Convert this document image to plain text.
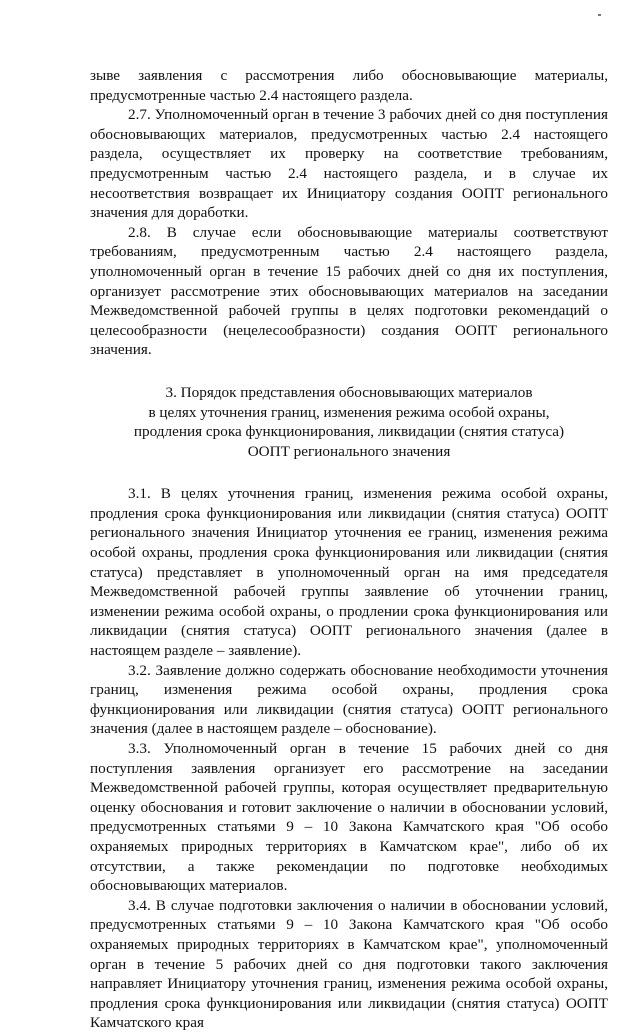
зыве заявления с рассмотрения либо обосновывающие материалы, предусмотренные частью 2.4 настоящего раздела.

2.7. Уполномоченный орган в течение 3 рабочих дней со дня поступления обосновывающих материалов, предусмотренных частью 2.4 настоящего раздела, осуществляет их проверку на соответствие требованиям, предусмотренным частью 2.4 настоящего раздела, и в случае их несоответствия возвращает их Инициатору создания ООПТ регионального значения для доработки.

2.8. В случае если обосновывающие материалы соответствуют требованиям, предусмотренным частью 2.4 настоящего раздела, уполномоченный орган в течение 15 рабочих дней со дня их поступления, организует рассмотрение этих обосновывающих материалов на заседании Межведомственной рабочей группы в целях подготовки рекомендаций о целесообразности (нецелесообразности) создания ООПТ регионального значения.

3. Порядок представления обосновывающих материалов
в целях уточнения границ, изменения режима особой охраны,
продления срока функционирования, ликвидации (снятия статуса)
ООПТ регионального значения

3.1. В целях уточнения границ, изменения режима особой охраны, продления срока функционирования или ликвидации (снятия статуса) ООПТ регионального значения Инициатор уточнения ее границ, изменения режима особой охраны, продления срока функционирования или ликвидации (снятия статуса) представляет в уполномоченный орган на имя председателя Межведомственной рабочей группы заявление об уточнении границ, изменении режима особой охраны, о продлении срока функционирования или ликвидации (снятия статуса) ООПТ регионального значения (далее в настоящем разделе – заявление).

3.2. Заявление должно содержать обоснование необходимости уточнения границ, изменения режима особой охраны, продления срока функционирования или ликвидации (снятия статуса) ООПТ регионального значения (далее в настоящем разделе – обоснование).

3.3. Уполномоченный орган в течение 15 рабочих дней со дня поступления заявления организует его рассмотрение на заседании Межведомственной рабочей группы, которая осуществляет предварительную оценку обоснования и готовит заключение о наличии в обосновании условий, предусмотренных статьями 9 – 10 Закона Камчатского края "Об особо охраняемых природных территориях в Камчатском крае", либо об их отсутствии, а также рекомендации по подготовке необходимых обосновывающих материалов.

3.4. В случае подготовки заключения о наличии в обосновании условий, предусмотренных статьями 9 – 10 Закона Камчатского края "Об особо охраняемых природных территориях в Камчатском крае", уполномоченный орган в течение 5 рабочих дней со дня подготовки такого заключения направляет Инициатору уточнения границ, изменения режима особой охраны, продления срока функционирования или ликвидации (снятия статуса) ООПТ Камчатского края
